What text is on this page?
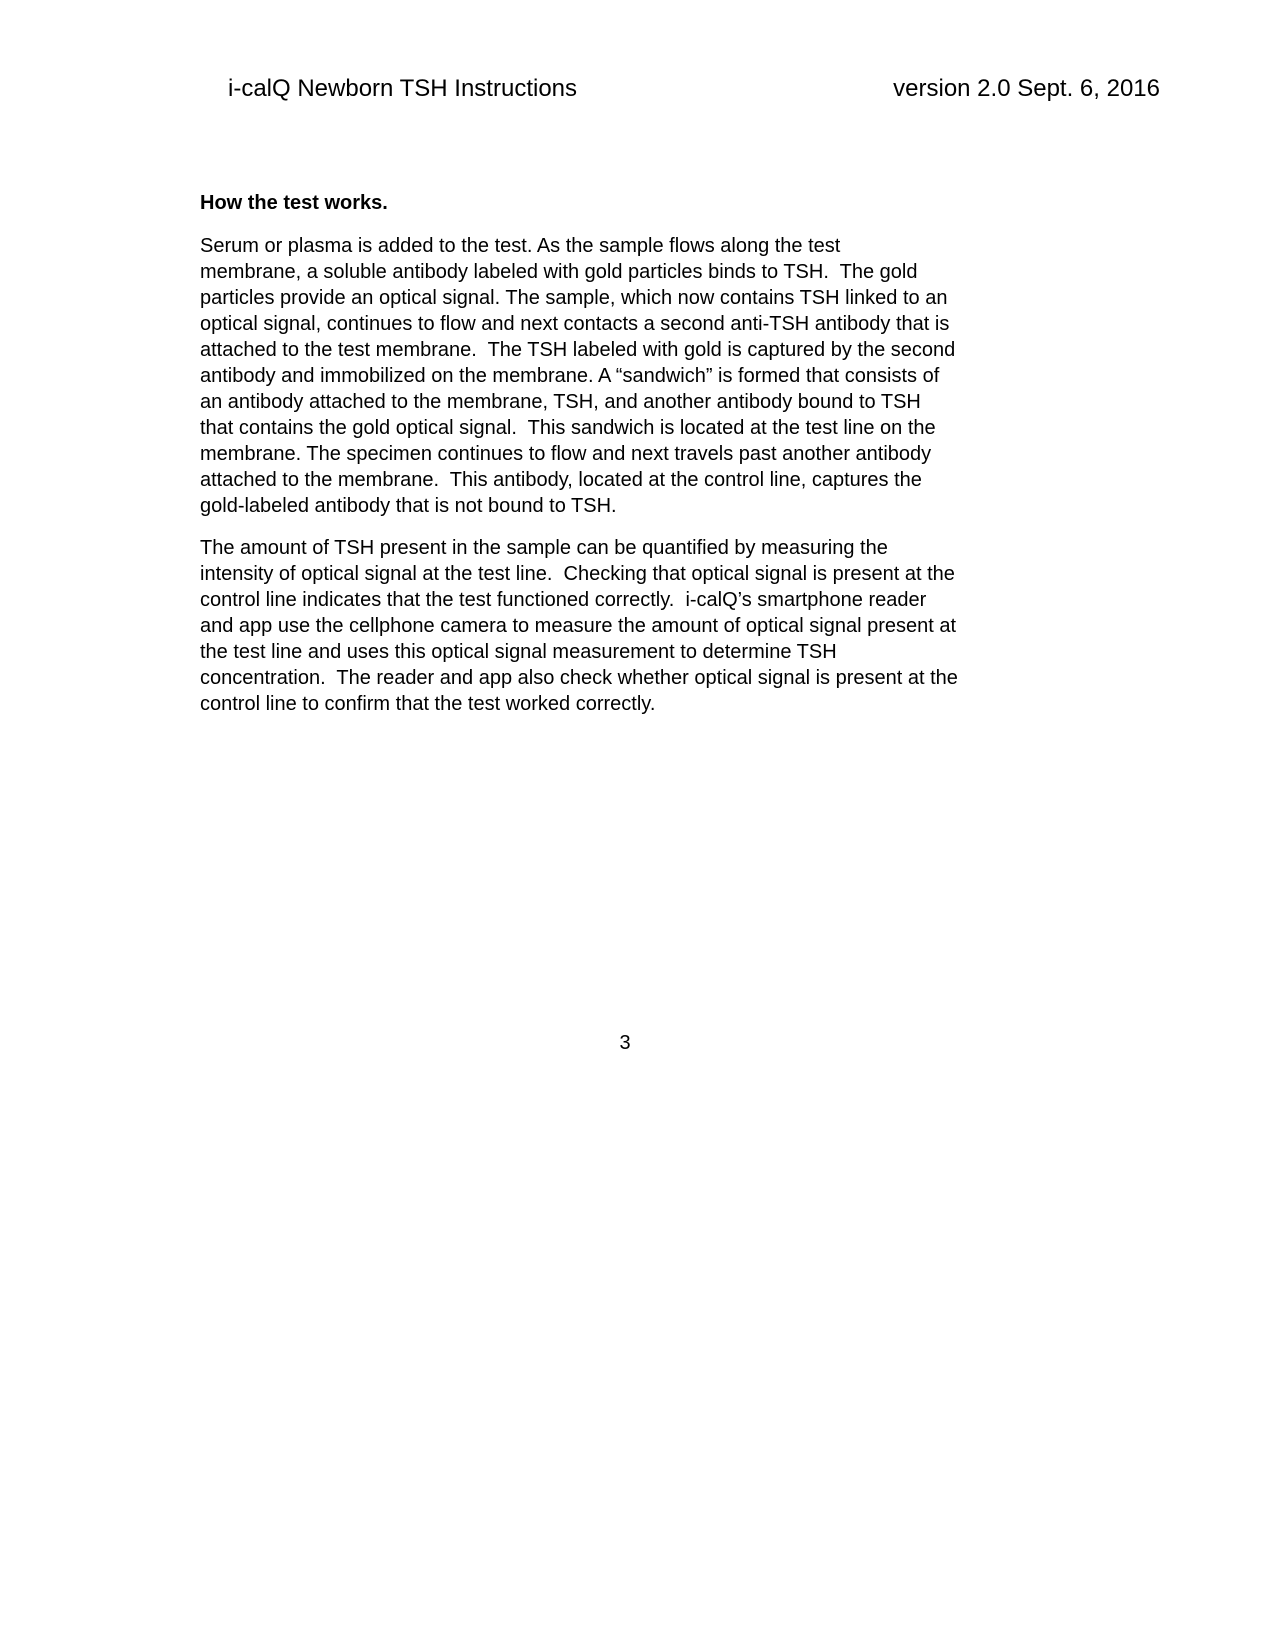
i-calQ Newborn TSH Instructions	version 2.0 Sept. 6, 2016
How the test works.
Serum or plasma is added to the test. As the sample flows along the test
membrane, a soluble antibody labeled with gold particles binds to TSH.  The gold
particles provide an optical signal. The sample, which now contains TSH linked to an
optical signal, continues to flow and next contacts a second anti-TSH antibody that is
attached to the test membrane.  The TSH labeled with gold is captured by the second
antibody and immobilized on the membrane. A “sandwich” is formed that consists of
an antibody attached to the membrane, TSH, and another antibody bound to TSH
that contains the gold optical signal.  This sandwich is located at the test line on the
membrane. The specimen continues to flow and next travels past another antibody
attached to the membrane.  This antibody, located at the control line, captures the
gold-labeled antibody that is not bound to TSH.
The amount of TSH present in the sample can be quantified by measuring the
intensity of optical signal at the test line.  Checking that optical signal is present at the
control line indicates that the test functioned correctly.  i-calQ’s smartphone reader
and app use the cellphone camera to measure the amount of optical signal present at
the test line and uses this optical signal measurement to determine TSH
concentration.  The reader and app also check whether optical signal is present at the
control line to confirm that the test worked correctly.
3
